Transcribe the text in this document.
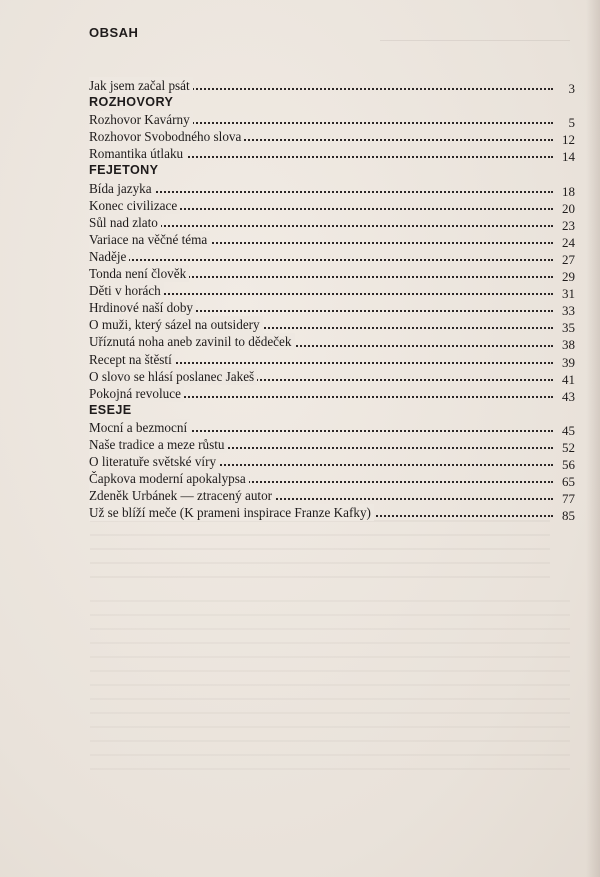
OBSAH
Jak jsem začal psát	3
ROZHOVORY
Rozhovor Kavárny	5
Rozhovor Svobodného slova	12
Romantika útlaku	14
FEJETONY
Bída jazyka	18
Konec civilizace	20
Sůl nad zlato	23
Variace na věčné téma	24
Naděje	27
Tonda není člověk	29
Děti v horách	31
Hrdinové naší doby	33
O muži, který sázel na outsidery	35
Uříznutá noha aneb zavinil to dědeček	38
Recept na štěstí	39
O slovo se hlásí poslanec Jakeš	41
Pokojná revoluce	43
ESEJE
Mocní a bezmocní	45
Naše tradice a meze růstu	52
O literatuře světské víry	56
Čapkova moderní apokalypsa	65
Zdeněk Urbánek — ztracený autor	77
Už se blíží meče (K prameni inspirace Franze Kafky)	85
